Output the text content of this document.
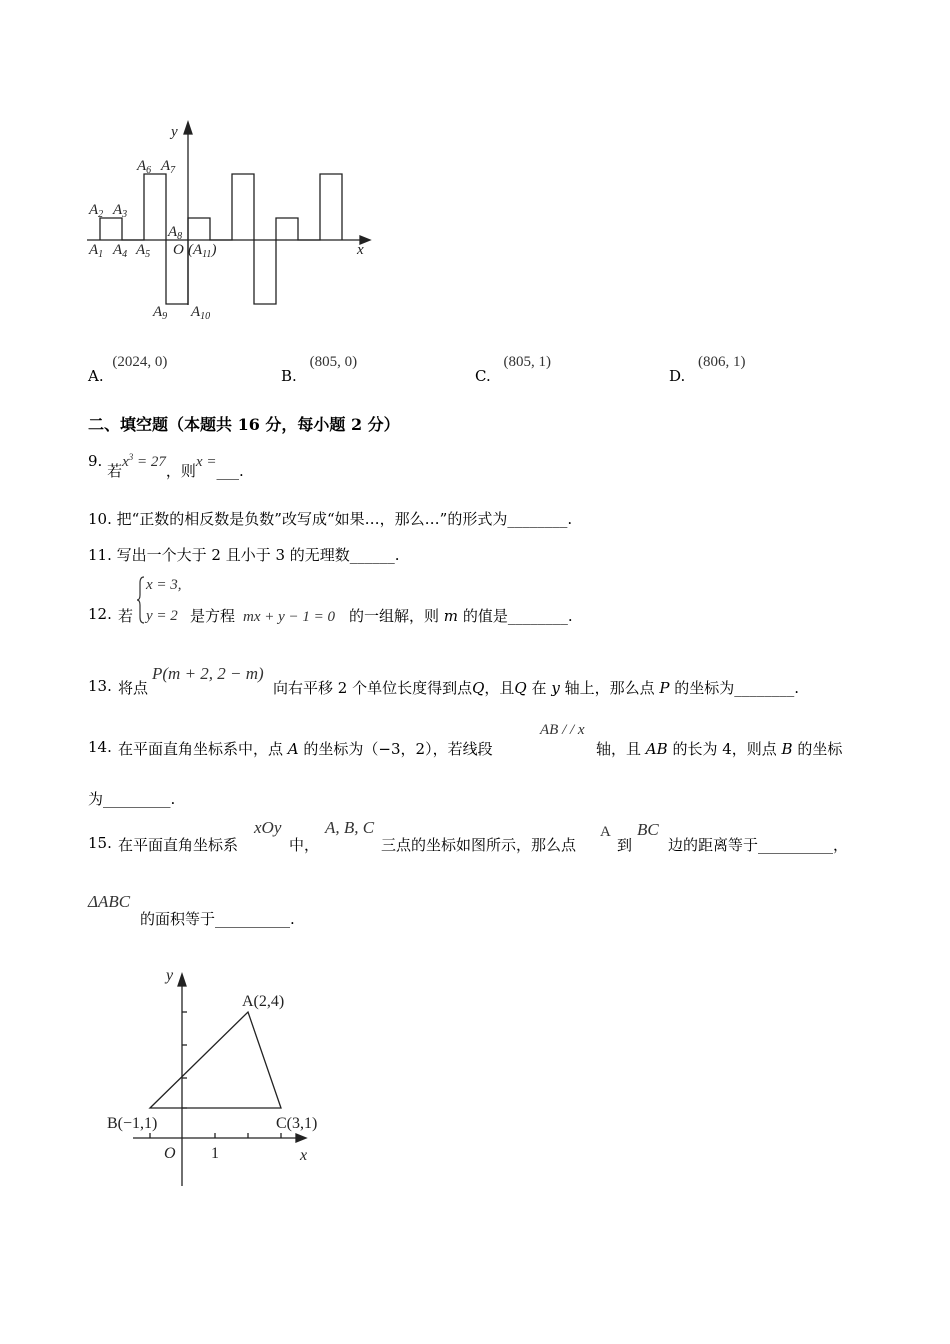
y
x
O
$A_2$ $A_3$
$A_6$ $A_7$
$A_8$
$A_1$ $A_4$ $A_5$	$(A_{11})$
$A_9$ $A_{10}$
A. (2024, 0)
B. (805, 0)
C. (805, 1)
D. (806, 1)
二、填空题（本题共 16 分，每小题 2 分）
9. 若$x^3 = 27$，则x =___.
10. 把“正数的相反数是负数”改写成“如果…，那么…”的形式为________.
11. 写出一个大于 2 且小于 3 的无理数______.
12. 若
x = 3,
y = 2 是方程 mx + y − 1 = 0 的一组解，则 m 的值是________.
13. 将点
P(m + 2, 2 − m)
向右平移 2 个单位长度得到点Q，且Q 在 y 轴上，那么点 P 的坐标为________.
14. 在平面直角坐标系中，点 A 的坐标为（−3，2），若线段
AB / / x
轴，且 AB 的长为 4，则点 B 的坐标
为_________.
15. 在平面直角坐标系
xOy
中，
A, B, C
三点的坐标如图所示，那么点
A
到
BC
边的距离等于__________，
ΔABC
的面积等于__________.
y
x
O 1
A(2,4)
B(−1,1)	C(3,1)
